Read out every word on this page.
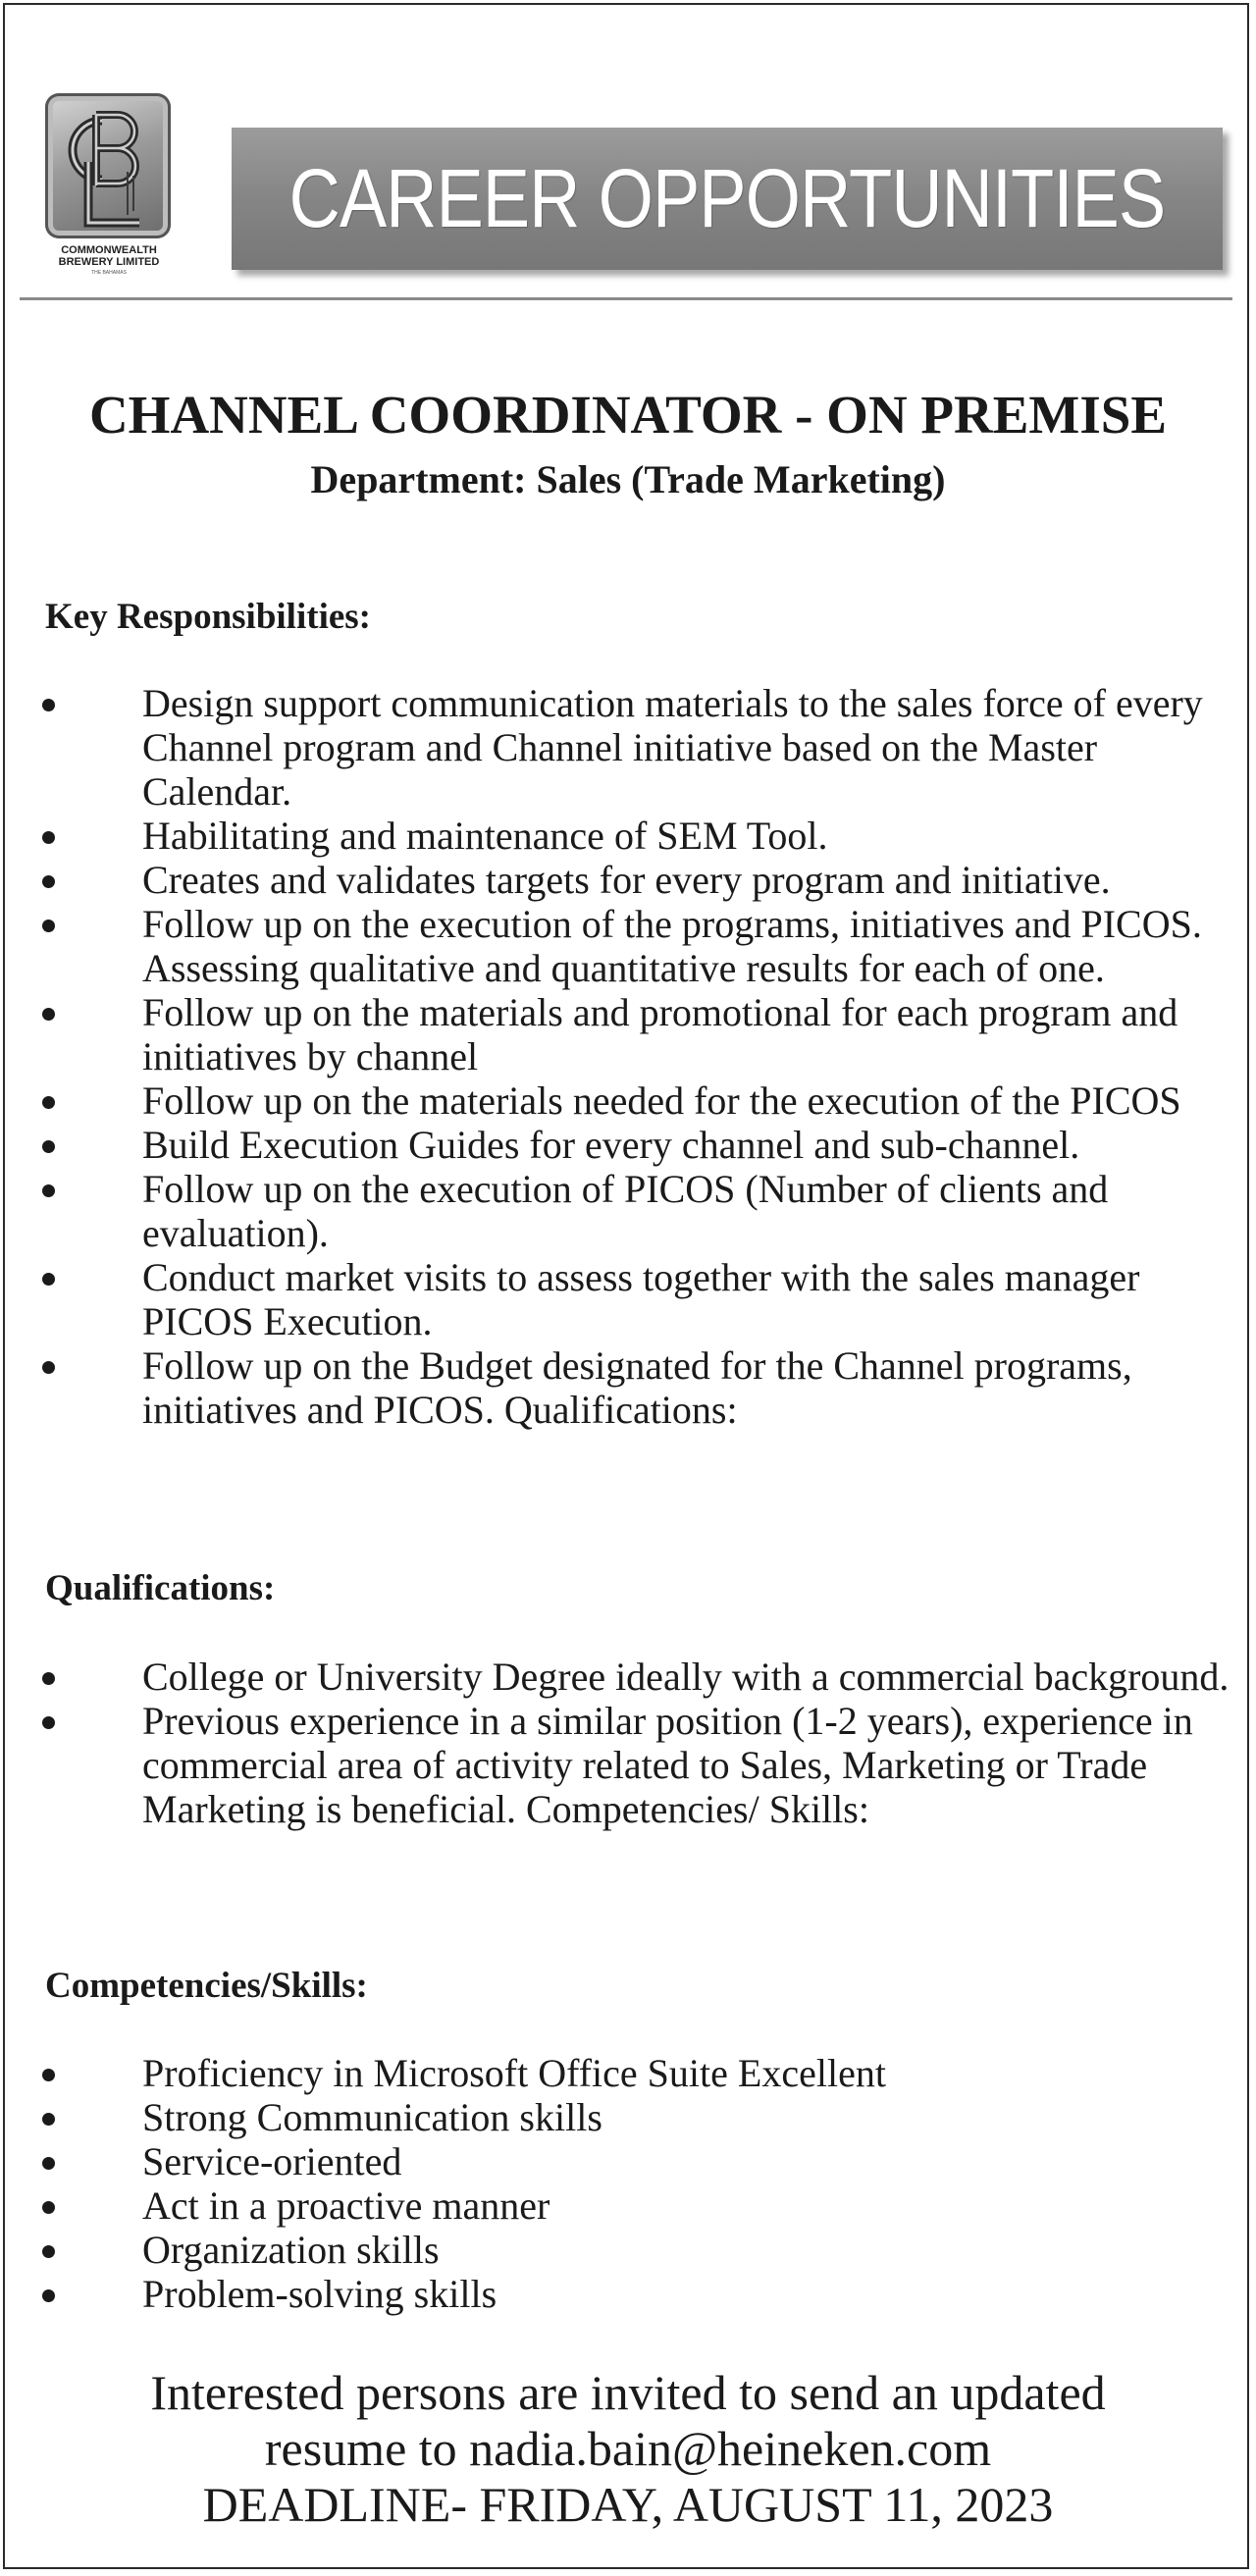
COMMONWEALTH BREWERY LIMITED
THE BAHAMAS
CAREER OPPORTUNITIES
CHANNEL COORDINATOR - ON PREMISE
Department: Sales (Trade Marketing)
Key Responsibilities:
Design support communication materials to the sales force of every Channel program and Channel initiative based on the Master Calendar.
Habilitating and maintenance of SEM Tool.
Creates and validates targets for every program and initiative.
Follow up on the execution of the programs, initiatives and PICOS. Assessing qualitative and quantitative results for each of one.
Follow up on the materials and promotional for each program and initiatives by channel
Follow up on the materials needed for the execution of the PICOS
Build Execution Guides for every channel and sub-channel.
Follow up on the execution of PICOS (Number of clients and evaluation).
Conduct market visits to assess together with the sales manager PICOS Execution.
Follow up on the Budget designated for the Channel programs, initiatives and PICOS. Qualifications:
Qualifications:
College or University Degree ideally with a commercial background.
Previous experience in a similar position (1-2 years), experience in commercial area of activity related to Sales, Marketing or Trade Marketing is beneficial. Competencies/ Skills:
Competencies/Skills:
Proficiency in Microsoft Office Suite Excellent
Strong Communication skills
Service-oriented
Act in a proactive manner
Organization skills
Problem-solving skills
Interested persons are invited to send an updated
resume to nadia.bain@heineken.com
DEADLINE- FRIDAY, AUGUST 11, 2023
